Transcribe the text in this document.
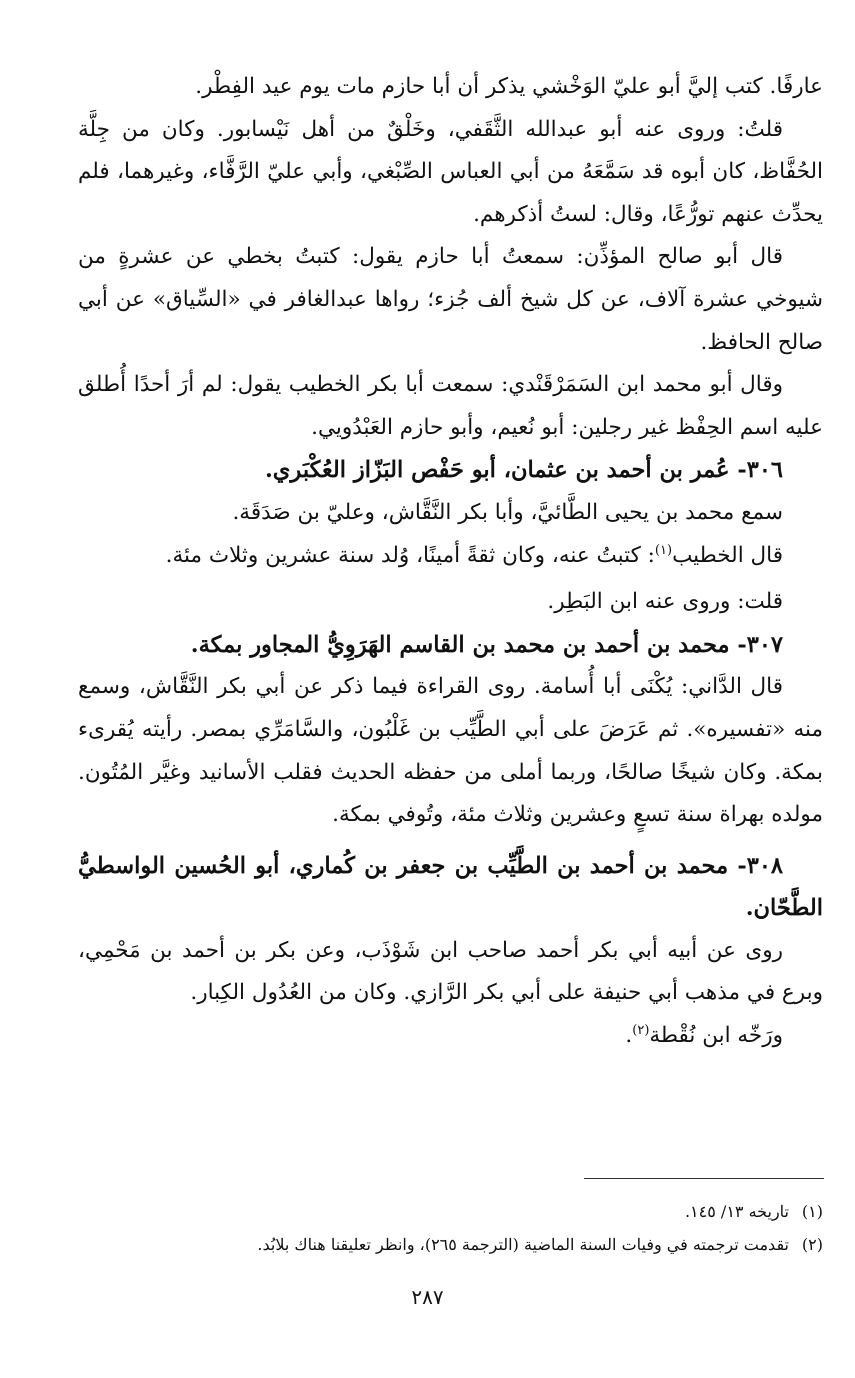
عارفًا. كتب إليَّ أبو عليّ الوَخْشي يذكر أن أبا حازم مات يوم عيد الفِطْر.

قلتُ: وروى عنه أبو عبدالله الثَّقَفي، وخَلْقٌ من أهل نَيْسابور. وكان من جِلَّة الحُفَّاظ، كان أبوه قد سَمَّعَهُ من أبي العباس الصِّبْغي، وأبي عليّ الرَّفَّاء، وغيرهما، فلم يحدِّث عنهم تورُّعًا، وقال: لستُ أذكرهم.

قال أبو صالح المؤذِّن: سمعتُ أبا حازم يقول: كتبتُ بخطي عن عشرةٍ من شيوخي عشرة آلاف، عن كل شيخ ألف جُزء؛ رواها عبدالغافر في «السِّياق» عن أبي صالح الحافظ.

وقال أبو محمد ابن السَمَرْقَنْدي: سمعت أبا بكر الخطيب يقول: لم أرَ أحدًا أُطلق عليه اسم الحِفْظ غير رجلين: أبو نُعيم، وأبو حازم العَبْدُويي.

٣٠٦- عُمر بن أحمد بن عثمان، أبو حَفْص البَزّاز العُكْبَري.

سمع محمد بن يحيى الطَّائيَّ، وأبا بكر النَّقَّاش، وعليّ بن صَدَقَة.

قال الخطيب$^{(١)}$: كتبتُ عنه، وكان ثقةً أمينًا، وُلد سنة عشرين وثلاث مئة.

قلت: وروى عنه ابن البَطِر.

٣٠٧- محمد بن أحمد بن محمد بن القاسم الهَرَوِيُّ المجاور بمكة.

قال الدَّاني: يُكْنَى أبا أُسامة. روى القراءة فيما ذكر عن أبي بكر النَّقَّاش، وسمع منه «تفسيره». ثم عَرَضَ على أبي الطَّيِّب بن غَلْبُون، والسَّامَرِّي بمصر. رأيته يُقرىء بمكة. وكان شيخًا صالحًا، وربما أملى من حفظه الحديث فقلب الأسانيد وغيَّر المُتُون. مولده بهراة سنة تسعٍ وعشرين وثلاث مئة، وتُوفي بمكة.

٣٠٨- محمد بن أحمد بن الطَّيِّب بن جعفر بن كُماري، أبو الحُسين الواسطيُّ الطَّحّان.

روى عن أبيه أبي بكر أحمد صاحب ابن شَوْذَب، وعن بكر بن أحمد بن مَحْمِي، وبرع في مذهب أبي حنيفة على أبي بكر الرَّازي. وكان من العُدُول الكِبار.

ورَخّه ابن نُقْطة$^{(٢)}$.

(١)تاريخه ١٣/ ١٤٥.

(٢)تقدمت ترجمته في وفيات السنة الماضية (الترجمة ٢٦٥)، وانظر تعليقنا هناك بلابُد.

٢٨٧
